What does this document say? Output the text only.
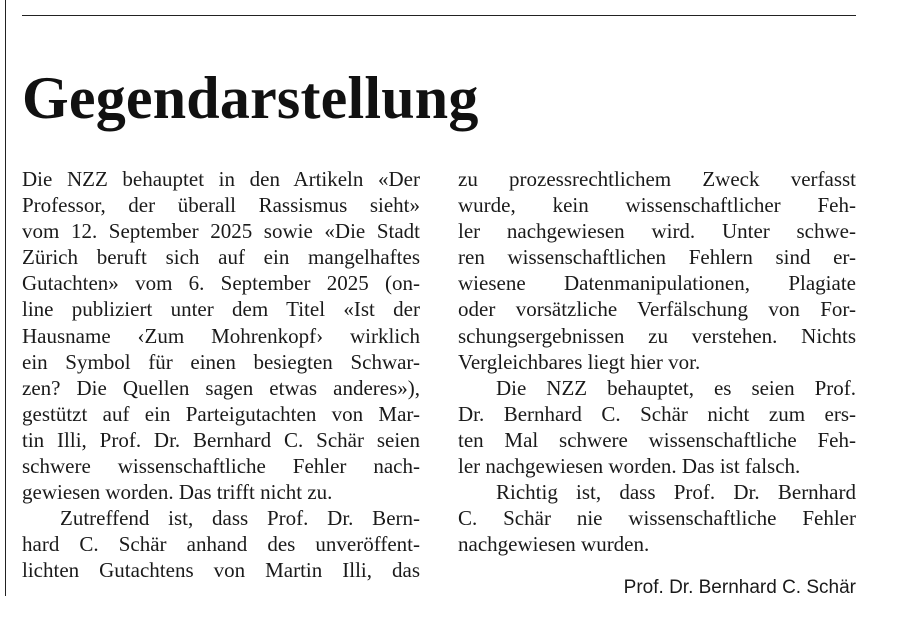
Gegendarstellung
Die NZZ behauptet in den Artikeln «Der
Professor, der überall Rassismus sieht»
vom 12. September 2025 sowie «Die Stadt
Zürich beruft sich auf ein mangelhaftes
Gutachten» vom 6. September 2025 (on-
line publiziert unter dem Titel «Ist der
Hausname ‹Zum Mohrenkopf› wirklich
ein Symbol für einen besiegten Schwar-
zen? Die Quellen sagen etwas anderes»),
gestützt auf ein Parteigutachten von Mar-
tin Illi, Prof. Dr. Bernhard C. Schär seien
schwere wissenschaftliche Fehler nach-
gewiesen worden. Das trifft nicht zu.
Zutreffend ist, dass Prof. Dr. Bern-
hard C. Schär anhand des unveröffent-
lichten Gutachtens von Martin Illi, das
zu prozessrechtlichem Zweck verfasst
wurde, kein wissenschaftlicher Feh-
ler nachgewiesen wird. Unter schwe-
ren wissenschaftlichen Fehlern sind er-
wiesene Datenmanipulationen, Plagiate
oder vorsätzliche Verfälschung von For-
schungsergebnissen zu verstehen. Nichts
Vergleichbares liegt hier vor.
Die NZZ behauptet, es seien Prof.
Dr. Bernhard C. Schär nicht zum ers-
ten Mal schwere wissenschaftliche Feh-
ler nachgewiesen worden. Das ist falsch.
Richtig ist, dass Prof. Dr. Bernhard
C. Schär nie wissenschaftliche Fehler
nachgewiesen wurden.
Prof. Dr. Bernhard C. Schär
